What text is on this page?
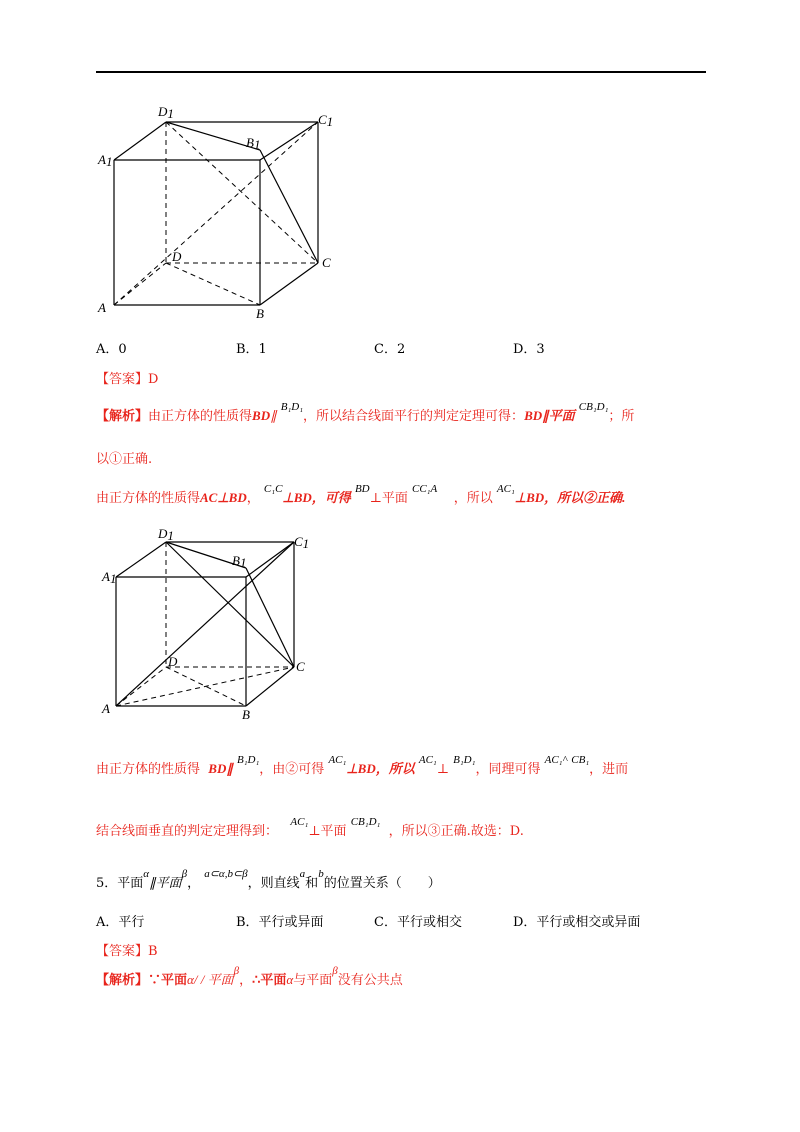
D1	C1
B1
A1
D	C
A	B
A．0	B．1	C．2	D．3
【答案】D
【解析】由正方体的性质得BD∥ $^{B_1D_1}$，所以结合线面平行的判定定理可得：BD∥平面 $^{CB_1D_1}$；所
以①正确.
由正方体的性质得AC⊥BD， $^{C_1C}$⊥BD，可得 $^{BD}$⊥平面 $^{CC_1A}$    ，所以 $^{AC_1}$⊥BD，所以②正确.
D1	C1
B1
A1
D	C
A	B
由正方体的性质得 BD∥ $^{B_1D_1}$，由②可得 $^{AC_1}$⊥BD，所以 $^{AC_1}$⊥ $^{B_1D_1}$，同理可得 $^{AC_1\^{}}$ $^{CB_1}$，进而
结合线面垂直的判定定理得到：   $^{AC_1}$⊥平面 $^{CB_1D_1}$  ，所以③正确.故选：D.
5．平面$^\alpha$∥平面$^\beta$， $^{a\subset\alpha,b\subset\beta}$，则直线$^a$和$^b$的位置关系（　　）
A．平行	B．平行或异面	C．平行或相交	D．平行或相交或异面
【答案】B
【解析】∵平面α/ / 平面$^\beta$，∴平面α与平面$^\beta$没有公共点
